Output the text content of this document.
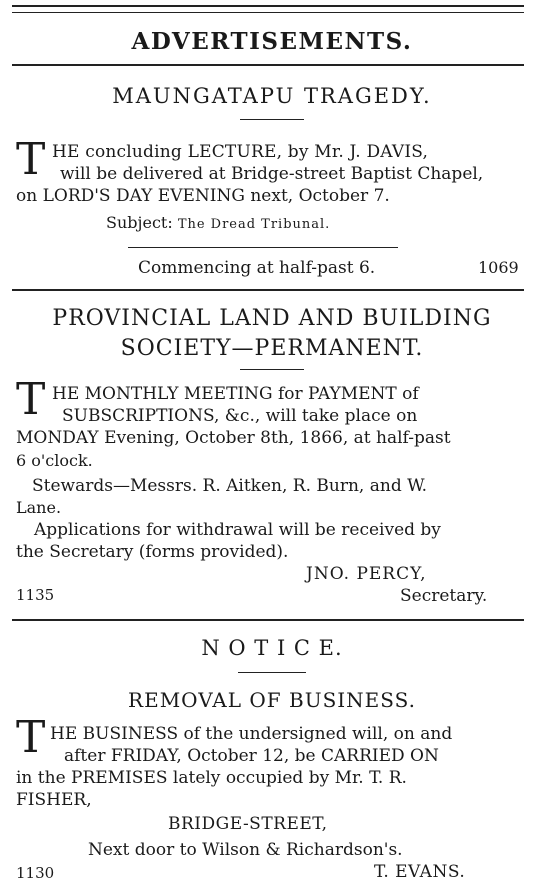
ADVERTISEMENTS.
MAUNGATAPU TRAGEDY.
T HE concluding LECTURE, by Mr. J. DAVIS,
will be delivered at Bridge-street Baptist Chapel,
on LORD'S DAY EVENING next, October 7.
Subject: The Dread Tribunal.
Commencing at half-past 6.	1069
PROVINCIAL LAND AND BUILDING
SOCIETY—PERMANENT.
T HE MONTHLY MEETING for PAYMENT of
SUBSCRIPTIONS, &c., will take place on
MONDAY Evening, October 8th, 1866, at half-past
6 o'clock.
Stewards—Messrs. R. Aitken, R. Burn, and W.
Lane.
Applications for withdrawal will be received by
the Secretary (forms provided).
JNO. PERCY,
1135	Secretary.
N O T I C E.
REMOVAL OF BUSINESS.
T HE BUSINESS of the undersigned will, on and
after FRIDAY, October 12, be CARRIED ON
in the PREMISES lately occupied by Mr. T. R.
FISHER,
BRIDGE-STREET,
Next door to Wilson & Richardson's.
1130	T. EVANS.
